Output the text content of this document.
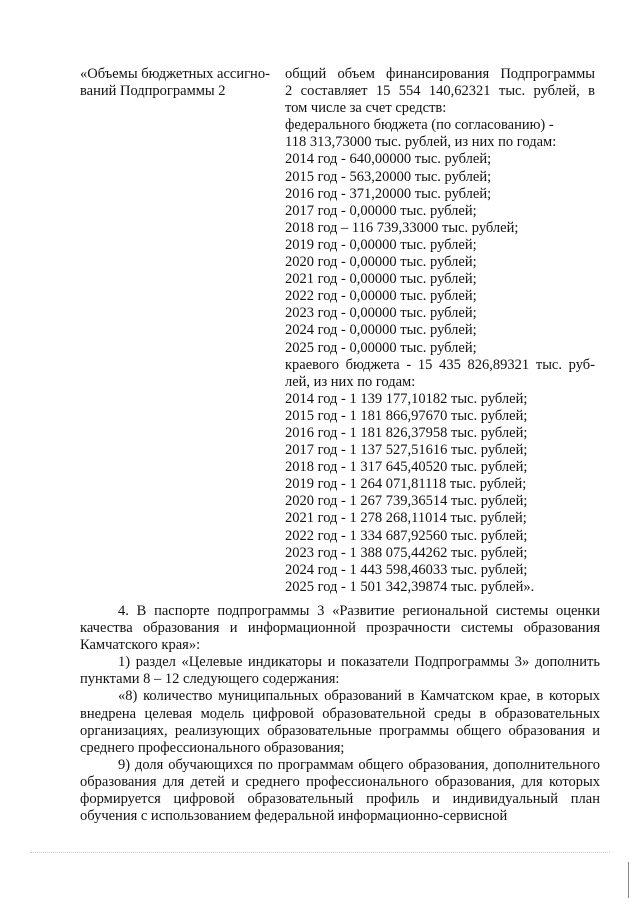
«Объемы бюджетных ассигно-
ваний Подпрограммы 2
общий объем финансирования Подпрограммы
2 составляет 15 554 140,62321 тыс. рублей, в
том числе за счет средств:
федерального бюджета (по согласованию) -
118 313,73000 тыс. рублей, из них по годам:
2014 год - 640,00000 тыс. рублей;
2015 год - 563,20000 тыс. рублей;
2016 год - 371,20000 тыс. рублей;
2017 год - 0,00000 тыс. рублей;
2018 год – 116 739,33000 тыс. рублей;
2019 год - 0,00000 тыс. рублей;
2020 год - 0,00000 тыс. рублей;
2021 год - 0,00000 тыс. рублей;
2022 год - 0,00000 тыс. рублей;
2023 год - 0,00000 тыс. рублей;
2024 год - 0,00000 тыс. рублей;
2025 год - 0,00000 тыс. рублей;
краевого бюджета - 15 435 826,89321 тыс. руб-
лей, из них по годам:
2014 год - 1 139 177,10182 тыс. рублей;
2015 год - 1 181 866,97670 тыс. рублей;
2016 год - 1 181 826,37958 тыс. рублей;
2017 год - 1 137 527,51616 тыс. рублей;
2018 год - 1 317 645,40520 тыс. рублей;
2019 год - 1 264 071,81118 тыс. рублей;
2020 год - 1 267 739,36514 тыс. рублей;
2021 год - 1 278 268,11014 тыс. рублей;
2022 год - 1 334 687,92560 тыс. рублей;
2023 год - 1 388 075,44262 тыс. рублей;
2024 год - 1 443 598,46033 тыс. рублей;
2025 год - 1 501 342,39874 тыс. рублей».

4. В паспорте подпрограммы 3 «Развитие региональной системы оценки качества образования и информационной прозрачности системы образования Камчатского края»:

1) раздел «Целевые индикаторы и показатели Подпрограммы 3» дополнить пунктами 8 – 12 следующего содержания:

«8) количество муниципальных образований в Камчатском крае, в которых внедрена целевая модель цифровой образовательной среды в образовательных организациях, реализующих образовательные программы общего образования и среднего профессионального образования;

9) доля обучающихся по программам общего образования, дополнительного образования для детей и среднего профессионального образования, для которых формируется цифровой образовательный профиль и индивидуальный план обучения с использованием федеральной информационно-сервисной
